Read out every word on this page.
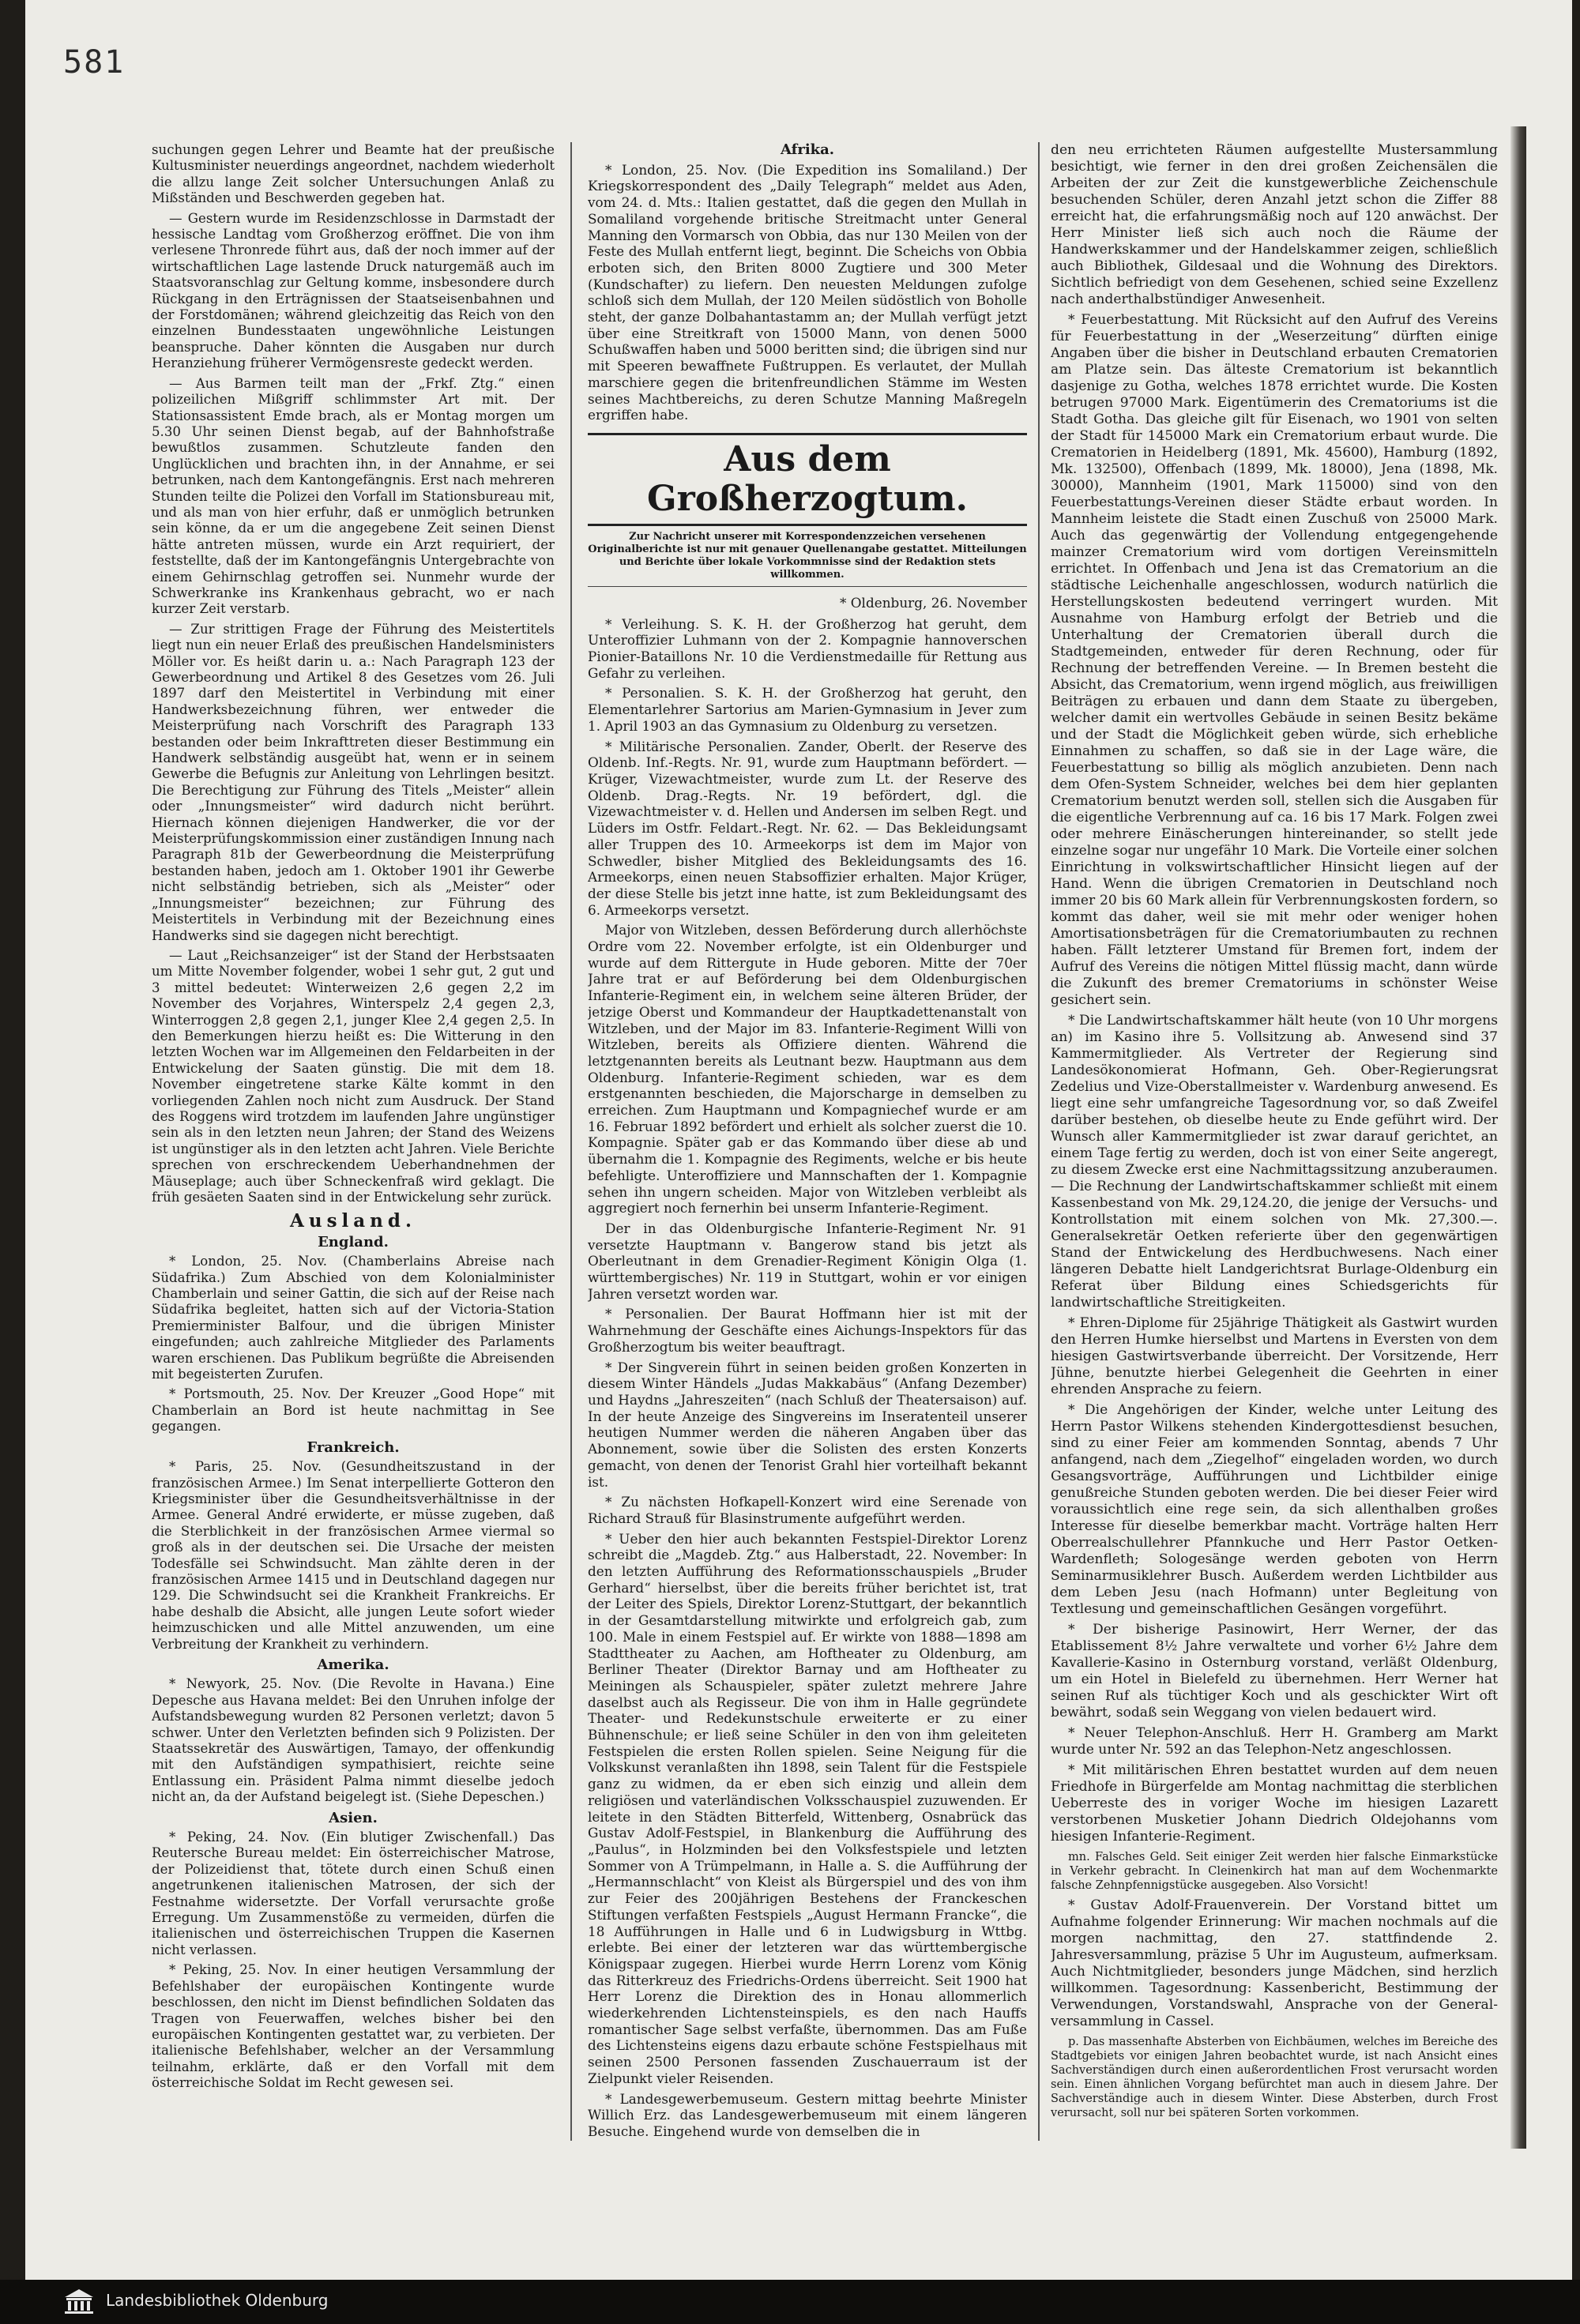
581

suchungen gegen Lehrer und Beamte hat der preußische Kultusminister neuerdings angeordnet, nachdem wiederholt die allzu lange Zeit solcher Untersuchungen Anlaß zu Mißständen und Beschwerden gegeben hat.

— Gestern wurde im Residenzschlosse in Darmstadt der hessische Landtag vom Großherzog eröffnet. Die von ihm verlesene Thronrede führt aus, daß der noch immer auf der wirtschaftlichen Lage lastende Druck naturgemäß auch im Staatsvoranschlag zur Geltung komme, insbesondere durch Rückgang in den Erträgnissen der Staatseisenbahnen und der Forstdomänen; während gleichzeitig das Reich von den einzelnen Bundesstaaten ungewöhnliche Leistungen beanspruche. Daher könnten die Ausgaben nur durch Heranziehung früherer Vermögensreste gedeckt werden.

— Aus Barmen teilt man der „Frkf. Ztg.“ einen polizeilichen Mißgriff schlimmster Art mit. Der Stationsassistent Emde brach, als er Montag morgen um 5.30 Uhr seinen Dienst begab, auf der Bahnhofstraße bewußtlos zusammen. Schutzleute fanden den Unglücklichen und brachten ihn, in der Annahme, er sei betrunken, nach dem Kantongefängnis. Erst nach mehreren Stunden teilte die Polizei den Vorfall im Stationsbureau mit, und als man von hier erfuhr, daß er unmöglich betrunken sein könne, da er um die angegebene Zeit seinen Dienst hätte antreten müssen, wurde ein Arzt requiriert, der feststellte, daß der im Kantongefängnis Untergebrachte von einem Gehirnschlag getroffen sei. Nunmehr wurde der Schwerkranke ins Krankenhaus gebracht, wo er nach kurzer Zeit verstarb.

— Zur strittigen Frage der Führung des Meistertitels liegt nun ein neuer Erlaß des preußischen Handelsministers Möller vor. Es heißt darin u. a.: Nach Paragraph 123 der Gewerbeordnung und Artikel 8 des Gesetzes vom 26. Juli 1897 darf den Meistertitel in Verbindung mit einer Handwerksbezeichnung führen, wer entweder die Meisterprüfung nach Vorschrift des Paragraph 133 bestanden oder beim Inkrafttreten dieser Bestimmung ein Handwerk selbständig ausgeübt hat, wenn er in seinem Gewerbe die Befugnis zur Anleitung von Lehrlingen besitzt. Die Berechtigung zur Führung des Titels „Meister“ allein oder „Innungsmeister“ wird dadurch nicht berührt. Hiernach können diejenigen Handwerker, die vor der Meisterprüfungskommission einer zuständigen Innung nach Paragraph 81b der Gewerbeordnung die Meisterprüfung bestanden haben, jedoch am 1. Oktober 1901 ihr Gewerbe nicht selbständig betrieben, sich als „Meister“ oder „Innungsmeister“ bezeichnen; zur Führung des Meistertitels in Verbindung mit der Bezeichnung eines Handwerks sind sie dagegen nicht berechtigt.

— Laut „Reichsanzeiger“ ist der Stand der Herbstsaaten um Mitte November folgender, wobei 1 sehr gut, 2 gut und 3 mittel bedeutet: Winterweizen 2,6 gegen 2,2 im November des Vorjahres, Winterspelz 2,4 gegen 2,3, Winterroggen 2,8 gegen 2,1, junger Klee 2,4 gegen 2,5. In den Bemerkungen hierzu heißt es: Die Witterung in den letzten Wochen war im Allgemeinen den Feldarbeiten in der Entwickelung der Saaten günstig. Die mit dem 18. November eingetretene starke Kälte kommt in den vorliegenden Zahlen noch nicht zum Ausdruck. Der Stand des Roggens wird trotzdem im laufenden Jahre ungünstiger sein als in den letzten neun Jahren; der Stand des Weizens ist ungünstiger als in den letzten acht Jahren. Viele Berichte sprechen von erschreckendem Ueberhandnehmen der Mäuseplage; auch über Schneckenfraß wird geklagt. Die früh gesäeten Saaten sind in der Entwickelung sehr zurück.

Ausland.
England.

* London, 25. Nov. (Chamberlains Abreise nach Südafrika.) Zum Abschied von dem Kolonialminister Chamberlain und seiner Gattin, die sich auf der Reise nach Südafrika begleitet, hatten sich auf der Victoria-Station Premierminister Balfour, und die übrigen Minister eingefunden; auch zahlreiche Mitglieder des Parlaments waren erschienen. Das Publikum begrüßte die Abreisenden mit begeisterten Zurufen.

* Portsmouth, 25. Nov. Der Kreuzer „Good Hope“ mit Chamberlain an Bord ist heute nachmittag in See gegangen.

Frankreich.

* Paris, 25. Nov. (Gesundheitszustand in der französischen Armee.) Im Senat interpellierte Gotteron den Kriegsminister über die Gesundheitsverhältnisse in der Armee. General André erwiderte, er müsse zugeben, daß die Sterblichkeit in der französischen Armee viermal so groß als in der deutschen sei. Die Ursache der meisten Todesfälle sei Schwindsucht. Man zählte deren in der französischen Armee 1415 und in Deutschland dagegen nur 129. Die Schwindsucht sei die Krankheit Frankreichs. Er habe deshalb die Absicht, alle jungen Leute sofort wieder heimzuschicken und alle Mittel anzuwenden, um eine Verbreitung der Krankheit zu verhindern.

Amerika.

* Newyork, 25. Nov. (Die Revolte in Havana.) Eine Depesche aus Havana meldet: Bei den Unruhen infolge der Aufstandsbewegung wurden 82 Personen verletzt; davon 5 schwer. Unter den Verletzten befinden sich 9 Polizisten. Der Staatssekretär des Auswärtigen, Tamayo, der offenkundig mit den Aufständigen sympathisiert, reichte seine Entlassung ein. Präsident Palma nimmt dieselbe jedoch nicht an, da der Aufstand beigelegt ist. (Siehe Depeschen.)

Asien.

* Peking, 24. Nov. (Ein blutiger Zwischenfall.) Das Reutersche Bureau meldet: Ein österreichischer Matrose, der Polizeidienst that, tötete durch einen Schuß einen angetrunkenen italienischen Matrosen, der sich der Festnahme widersetzte. Der Vorfall verursachte große Erregung. Um Zusammenstöße zu vermeiden, dürfen die italienischen und österreichischen Truppen die Kasernen nicht verlassen.

* Peking, 25. Nov. In einer heutigen Versammlung der Befehlshaber der europäischen Kontingente wurde beschlossen, den nicht im Dienst befindlichen Soldaten das Tragen von Feuerwaffen, welches bisher bei den europäischen Kontingenten gestattet war, zu verbieten. Der italienische Befehlshaber, welcher an der Versammlung teilnahm, erklärte, daß er den Vorfall mit dem österreichische Soldat im Recht gewesen sei.

Afrika.

* London, 25. Nov. (Die Expedition ins Somaliland.) Der Kriegskorrespondent des „Daily Telegraph“ meldet aus Aden, vom 24. d. Mts.: Italien gestattet, daß die gegen den Mullah in Somaliland vorgehende britische Streitmacht unter General Manning den Vormarsch von Obbia, das nur 130 Meilen von der Feste des Mullah entfernt liegt, beginnt. Die Scheichs von Obbia erboten sich, den Briten 8000 Zugtiere und 300 Meter (Kundschafter) zu liefern. Den neuesten Meldungen zufolge schloß sich dem Mullah, der 120 Meilen südöstlich von Boholle steht, der ganze Dolbahantastamm an; der Mullah verfügt jetzt über eine Streitkraft von 15000 Mann, von denen 5000 Schußwaffen haben und 5000 beritten sind; die übrigen sind nur mit Speeren bewaffnete Fußtruppen. Es verlautet, der Mullah marschiere gegen die britenfreundlichen Stämme im Westen seines Machtbereichs, zu deren Schutze Manning Maßregeln ergriffen habe.

Aus dem Großherzogtum.
Zur Nachricht unserer mit Korrespondenzzeichen versehenen Originalberichte ist nur mit genauer Quellenangabe gestattet. Mitteilungen und Berichte über lokale Vorkommnisse sind der Redaktion stets willkommen.
* Oldenburg, 26. November

* Verleihung. S. K. H. der Großherzog hat geruht, dem Unteroffizier Luhmann von der 2. Kompagnie hannoverschen Pionier-Bataillons Nr. 10 die Verdienstmedaille für Rettung aus Gefahr zu verleihen.

* Personalien. S. K. H. der Großherzog hat geruht, den Elementarlehrer Sartorius am Marien-Gymnasium in Jever zum 1. April 1903 an das Gymnasium zu Oldenburg zu versetzen.

* Militärische Personalien. Zander, Oberlt. der Reserve des Oldenb. Inf.-Regts. Nr. 91, wurde zum Hauptmann befördert. — Krüger, Vizewachtmeister, wurde zum Lt. der Reserve des Oldenb. Drag.-Regts. Nr. 19 befördert, dgl. die Vizewachtmeister v. d. Hellen und Andersen im selben Regt. und Lüders im Ostfr. Feldart.-Regt. Nr. 62. — Das Bekleidungsamt aller Truppen des 10. Armeekorps ist dem im Major von Schwedler, bisher Mitglied des Bekleidungsamts des 16. Armeekorps, einen neuen Stabsoffizier erhalten. Major Krüger, der diese Stelle bis jetzt inne hatte, ist zum Bekleidungsamt des 6. Armeekorps versetzt.

Major von Witzleben, dessen Beförderung durch allerhöchste Ordre vom 22. November erfolgte, ist ein Oldenburger und wurde auf dem Rittergute in Hude geboren. Mitte der 70er Jahre trat er auf Beförderung bei dem Oldenburgischen Infanterie-Regiment ein, in welchem seine älteren Brüder, der jetzige Oberst und Kommandeur der Hauptkadettenanstalt von Witzleben, und der Major im 83. Infanterie-Regiment Willi von Witzleben, bereits als Offiziere dienten. Während die letztgenannten bereits als Leutnant bezw. Hauptmann aus dem Oldenburg. Infanterie-Regiment schieden, war es dem erstgenannten beschieden, die Majorscharge in demselben zu erreichen. Zum Hauptmann und Kompagniechef wurde er am 16. Februar 1892 befördert und erhielt als solcher zuerst die 10. Kompagnie. Später gab er das Kommando über diese ab und übernahm die 1. Kompagnie des Regiments, welche er bis heute befehligte. Unteroffiziere und Mannschaften der 1. Kompagnie sehen ihn ungern scheiden. Major von Witzleben verbleibt als aggregiert noch fernerhin bei unserm Infanterie-Regiment.

Der in das Oldenburgische Infanterie-Regiment Nr. 91 versetzte Hauptmann v. Bangerow stand bis jetzt als Oberleutnant in dem Grenadier-Regiment Königin Olga (1. württembergisches) Nr. 119 in Stuttgart, wohin er vor einigen Jahren versetzt worden war.

* Personalien. Der Baurat Hoffmann hier ist mit der Wahrnehmung der Geschäfte eines Aichungs-Inspektors für das Großherzogtum bis weiter beauftragt.

* Der Singverein führt in seinen beiden großen Konzerten in diesem Winter Händels „Judas Makkabäus“ (Anfang Dezember) und Haydns „Jahreszeiten“ (nach Schluß der Theatersaison) auf. In der heute Anzeige des Singvereins im Inseratenteil unserer heutigen Nummer werden die näheren Angaben über das Abonnement, sowie über die Solisten des ersten Konzerts gemacht, von denen der Tenorist Grahl hier vorteilhaft bekannt ist.

* Zu nächsten Hofkapell-Konzert wird eine Serenade von Richard Strauß für Blasinstrumente aufgeführt werden.

* Ueber den hier auch bekannten Festspiel-Direktor Lorenz schreibt die „Magdeb. Ztg.“ aus Halberstadt, 22. November: In den letzten Aufführung des Reformationsschauspiels „Bruder Gerhard“ hierselbst, über die bereits früher berichtet ist, trat der Leiter des Spiels, Direktor Lorenz-Stuttgart, der bekanntlich in der Gesamtdarstellung mitwirkte und erfolgreich gab, zum 100. Male in einem Festspiel auf. Er wirkte von 1888—1898 am Stadttheater zu Aachen, am Hoftheater zu Oldenburg, am Berliner Theater (Direktor Barnay und am Hoftheater zu Meiningen als Schauspieler, später zuletzt mehrere Jahre daselbst auch als Regisseur. Die von ihm in Halle gegründete Theater- und Redekunstschule erweiterte er zu einer Bühnenschule; er ließ seine Schüler in den von ihm geleiteten Festspielen die ersten Rollen spielen. Seine Neigung für die Volkskunst veranlaßten ihn 1898, sein Talent für die Festspiele ganz zu widmen, da er eben sich einzig und allein dem religiösen und vaterländischen Volksschauspiel zuzuwenden. Er leitete in den Städten Bitterfeld, Wittenberg, Osnabrück das Gustav Adolf-Festspiel, in Blankenburg die Aufführung des „Paulus“, in Holzminden bei den Volksfestspiele und letzten Sommer von A Trümpelmann, in Halle a. S. die Aufführung der „Hermannschlacht“ von Kleist als Bürgerspiel und des von ihm zur Feier des 200jährigen Bestehens der Franckeschen Stiftungen verfaßten Festspiels „August Hermann Francke“, die 18 Aufführungen in Halle und 6 in Ludwigsburg in Wttbg. erlebte. Bei einer der letzteren war das württembergische Königspaar zugegen. Hierbei wurde Herrn Lorenz vom König das Ritterkreuz des Friedrichs-Ordens überreicht. Seit 1900 hat Herr Lorenz die Direktion des in Honau allommerlich wiederkehrenden Lichtensteinspiels, es den nach Hauffs romantischer Sage selbst verfaßte, übernommen. Das am Fuße des Lichtensteins eigens dazu erbaute schöne Festspielhaus mit seinen 2500 Personen fassenden Zuschauerraum ist der Zielpunkt vieler Reisenden.

* Landesgewerbemuseum. Gestern mittag beehrte Minister Willich Erz. das Landesgewerbemuseum mit einem längeren Besuche. Eingehend wurde von demselben die in

den neu errichteten Räumen aufgestellte Mustersammlung besichtigt, wie ferner in den drei großen Zeichensälen die Arbeiten der zur Zeit die kunstgewerbliche Zeichenschule besuchenden Schüler, deren Anzahl jetzt schon die Ziffer 88 erreicht hat, die erfahrungsmäßig noch auf 120 anwächst. Der Herr Minister ließ sich auch noch die Räume der Handwerkskammer und der Handelskammer zeigen, schließlich auch Bibliothek, Gildesaal und die Wohnung des Direktors. Sichtlich befriedigt von dem Gesehenen, schied seine Exzellenz nach anderthalbstündiger Anwesenheit.

* Feuerbestattung. Mit Rücksicht auf den Aufruf des Vereins für Feuerbestattung in der „Weserzeitung“ dürften einige Angaben über die bisher in Deutschland erbauten Crematorien am Platze sein. Das älteste Crematorium ist bekanntlich dasjenige zu Gotha, welches 1878 errichtet wurde. Die Kosten betrugen 97000 Mark. Eigentümerin des Crematoriums ist die Stadt Gotha. Das gleiche gilt für Eisenach, wo 1901 von selten der Stadt für 145000 Mark ein Crematorium erbaut wurde. Die Crematorien in Heidelberg (1891, Mk. 45600), Hamburg (1892, Mk. 132500), Offenbach (1899, Mk. 18000), Jena (1898, Mk. 30000), Mannheim (1901, Mark 115000) sind von den Feuerbestattungs-Vereinen dieser Städte erbaut worden. In Mannheim leistete die Stadt einen Zuschuß von 25000 Mark. Auch das gegenwärtig der Vollendung entgegengehende mainzer Crematorium wird vom dortigen Vereinsmitteln errichtet. In Offenbach und Jena ist das Crematorium an die städtische Leichenhalle angeschlossen, wodurch natürlich die Herstellungskosten bedeutend verringert wurden. Mit Ausnahme von Hamburg erfolgt der Betrieb und die Unterhaltung der Crematorien überall durch die Stadtgemeinden, entweder für deren Rechnung, oder für Rechnung der betreffenden Vereine. — In Bremen besteht die Absicht, das Crematorium, wenn irgend möglich, aus freiwilligen Beiträgen zu erbauen und dann dem Staate zu übergeben, welcher damit ein wertvolles Gebäude in seinen Besitz bekäme und der Stadt die Möglichkeit geben würde, sich erhebliche Einnahmen zu schaffen, so daß sie in der Lage wäre, die Feuerbestattung so billig als möglich anzubieten. Denn nach dem Ofen-System Schneider, welches bei dem hier geplanten Crematorium benutzt werden soll, stellen sich die Ausgaben für die eigentliche Verbrennung auf ca. 16 bis 17 Mark. Folgen zwei oder mehrere Einäscherungen hintereinander, so stellt jede einzelne sogar nur ungefähr 10 Mark. Die Vorteile einer solchen Einrichtung in volkswirtschaftlicher Hinsicht liegen auf der Hand. Wenn die übrigen Crematorien in Deutschland noch immer 20 bis 60 Mark allein für Verbrennungskosten fordern, so kommt das daher, weil sie mit mehr oder weniger hohen Amortisationsbeträgen für die Crematoriumbauten zu rechnen haben. Fällt letzterer Umstand für Bremen fort, indem der Aufruf des Vereins die nötigen Mittel flüssig macht, dann würde die Zukunft des bremer Crematoriums in schönster Weise gesichert sein.

* Die Landwirtschaftskammer hält heute (von 10 Uhr morgens an) im Kasino ihre 5. Vollsitzung ab. Anwesend sind 37 Kammermitglieder. Als Vertreter der Regierung sind Landesökonomierat Hofmann, Geh. Ober-Regierungsrat Zedelius und Vize-Oberstallmeister v. Wardenburg anwesend. Es liegt eine sehr umfangreiche Tagesordnung vor, so daß Zweifel darüber bestehen, ob dieselbe heute zu Ende geführt wird. Der Wunsch aller Kammermitglieder ist zwar darauf gerichtet, an einem Tage fertig zu werden, doch ist von einer Seite angeregt, zu diesem Zwecke erst eine Nachmittagssitzung anzuberaumen. — Die Rechnung der Landwirtschaftskammer schließt mit einem Kassenbestand von Mk. 29,124.20, die jenige der Versuchs- und Kontrollstation mit einem solchen von Mk. 27,300.—. Generalsekretär Oetken referierte über den gegenwärtigen Stand der Entwickelung des Herdbuchwesens. Nach einer längeren Debatte hielt Landgerichtsrat Burlage-Oldenburg ein Referat über Bildung eines Schiedsgerichts für landwirtschaftliche Streitigkeiten.

* Ehren-Diplome für 25jährige Thätigkeit als Gastwirt wurden den Herren Humke hierselbst und Martens in Eversten von dem hiesigen Gastwirtsverbande überreicht. Der Vorsitzende, Herr Jühne, benutzte hierbei Gelegenheit die Geehrten in einer ehrenden Ansprache zu feiern.

* Die Angehörigen der Kinder, welche unter Leitung des Herrn Pastor Wilkens stehenden Kindergottesdienst besuchen, sind zu einer Feier am kommenden Sonntag, abends 7 Uhr anfangend, nach dem „Ziegelhof“ eingeladen worden, wo durch Gesangsvorträge, Aufführungen und Lichtbilder einige genußreiche Stunden geboten werden. Die bei dieser Feier wird voraussichtlich eine rege sein, da sich allenthalben großes Interesse für dieselbe bemerkbar macht. Vorträge halten Herr Oberrealschullehrer Pfannkuche und Herr Pastor Oetken-Wardenfleth; Sologesänge werden geboten von Herrn Seminarmusiklehrer Busch. Außerdem werden Lichtbilder aus dem Leben Jesu (nach Hofmann) unter Begleitung von Textlesung und gemeinschaftlichen Gesängen vorgeführt.

* Der bisherige Pasinowirt, Herr Werner, der das Etablissement 8½ Jahre verwaltete und vorher 6½ Jahre dem Kavallerie-Kasino in Osternburg vorstand, verläßt Oldenburg, um ein Hotel in Bielefeld zu übernehmen. Herr Werner hat seinen Ruf als tüchtiger Koch und als geschickter Wirt oft bewährt, sodaß sein Weggang von vielen bedauert wird.

* Neuer Telephon-Anschluß. Herr H. Gramberg am Markt wurde unter Nr. 592 an das Telephon-Netz angeschlossen.

* Mit militärischen Ehren bestattet wurden auf dem neuen Friedhofe in Bürgerfelde am Montag nachmittag die sterblichen Ueberreste des in voriger Woche im hiesigen Lazarett verstorbenen Musketier Johann Diedrich Oldejohanns vom hiesigen Infanterie-Regiment.

mn. Falsches Geld. Seit einiger Zeit werden hier falsche Einmarkstücke in Verkehr gebracht. In Cleinenkirch hat man auf dem Wochenmarkte falsche Zehnpfennigstücke ausgegeben. Also Vorsicht!

* Gustav Adolf-Frauenverein. Der Vorstand bittet um Aufnahme folgender Erinnerung: Wir machen nochmals auf die morgen nachmittag, den 27. stattfindende 2. Jahresversammlung, präzise 5 Uhr im Augusteum, aufmerksam. Auch Nichtmitglieder, besonders junge Mädchen, sind herzlich willkommen. Tagesordnung: Kassenbericht, Bestimmung der Verwendungen, Vorstandswahl, Ansprache von der General-versammlung in Cassel.

p. Das massenhafte Absterben von Eichbäumen, welches im Bereiche des Stadtgebiets vor einigen Jahren beobachtet wurde, ist nach Ansicht eines Sachverständigen durch einen außerordentlichen Frost verursacht worden sein. Einen ähnlichen Vorgang befürchtet man auch in diesem Jahre. Der Sachverständige auch in diesem Winter. Diese Absterben, durch Frost verursacht, soll nur bei späteren Sorten vorkommen.

Landesbibliothek Oldenburg
